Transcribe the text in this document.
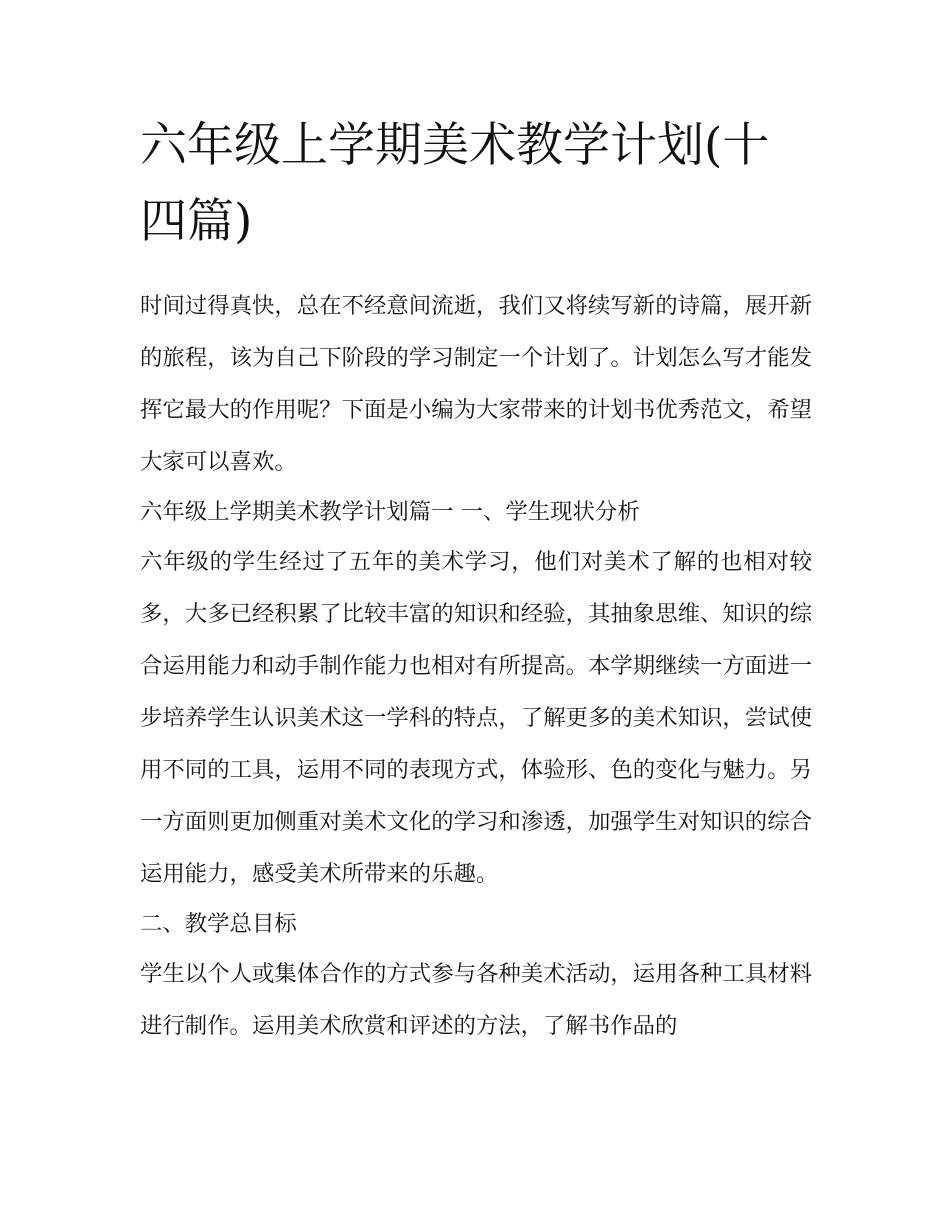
六年级上学期美术教学计划(十四篇)

时间过得真快，总在不经意间流逝，我们又将续写新的诗篇，展开新的旅程，该为自己下阶段的学习制定一个计划了。计划怎么写才能发挥它最大的作用呢？下面是小编为大家带来的计划书优秀范文，希望大家可以喜欢。

六年级上学期美术教学计划篇一 一、学生现状分析

六年级的学生经过了五年的美术学习，他们对美术了解的也相对较多，大多已经积累了比较丰富的知识和经验，其抽象思维、知识的综合运用能力和动手制作能力也相对有所提高。本学期继续一方面进一步培养学生认识美术这一学科的特点，了解更多的美术知识，尝试使用不同的工具，运用不同的表现方式，体验形、色的变化与魅力。另一方面则更加侧重对美术文化的学习和渗透，加强学生对知识的综合运用能力，感受美术所带来的乐趣。

二、教学总目标

学生以个人或集体合作的方式参与各种美术活动，运用各种工具材料进行制作。运用美术欣赏和评述的方法，了解书作品的
